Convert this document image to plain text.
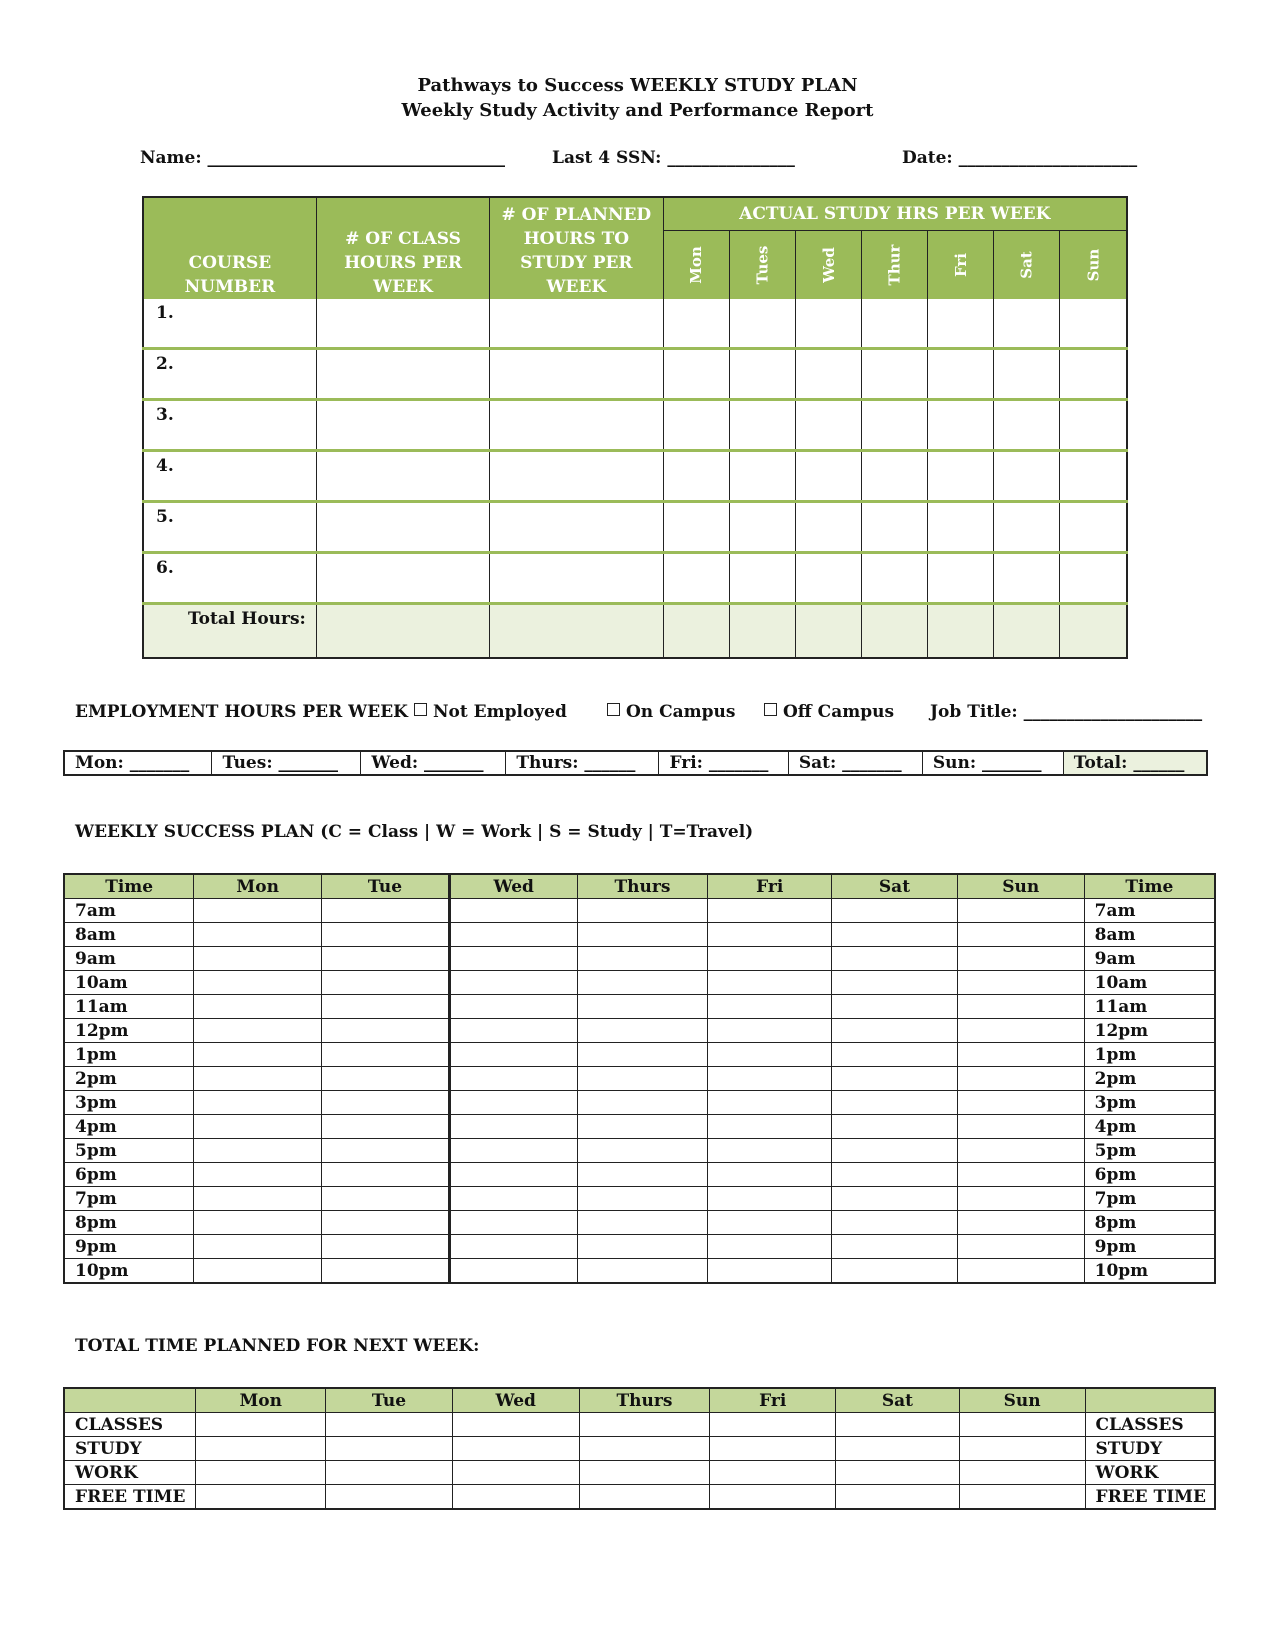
Pathways to Success WEEKLY STUDY PLAN
Weekly Study Activity and Performance Report
Name: ___________________________________	Last 4 SSN: _______________	Date: _____________________
COURSE NUMBER	# OF CLASS HOURS PER WEEK	# OF PLANNED HOURS TO STUDY PER WEEK	ACTUAL STUDY HRS PER WEEK						
			Mon	Tues	Wed	Thur	Fri	Sat	Sun
1.									
2.									
3.									
4.									
5.									
6.									
Total Hours:									
EMPLOYMENT HOURS PER WEEK	Not Employed	On Campus	Off Campus Job Title: _____________________
Mon: _______	Tues: _______	Wed: _______	Thurs: ______	Fri: _______	Sat: _______	Sun: _______	Total: ______
WEEKLY SUCCESS PLAN (C = Class | W = Work | S = Study | T=Travel)
Time	Mon	Tue	Wed	Thurs	Fri	Sat	Sun	Time
7am								7am
8am								8am
9am								9am
10am								10am
11am								11am
12pm								12pm
1pm								1pm
2pm								2pm
3pm								3pm
4pm								4pm
5pm								5pm
6pm								6pm
7pm								7pm
8pm								8pm
9pm								9pm
10pm								10pm
TOTAL TIME PLANNED FOR NEXT WEEK:
	Mon	Tue	Wed	Thurs	Fri	Sat	Sun	
CLASSES								CLASSES
STUDY								STUDY
WORK								WORK
FREE TIME								FREE TIME
